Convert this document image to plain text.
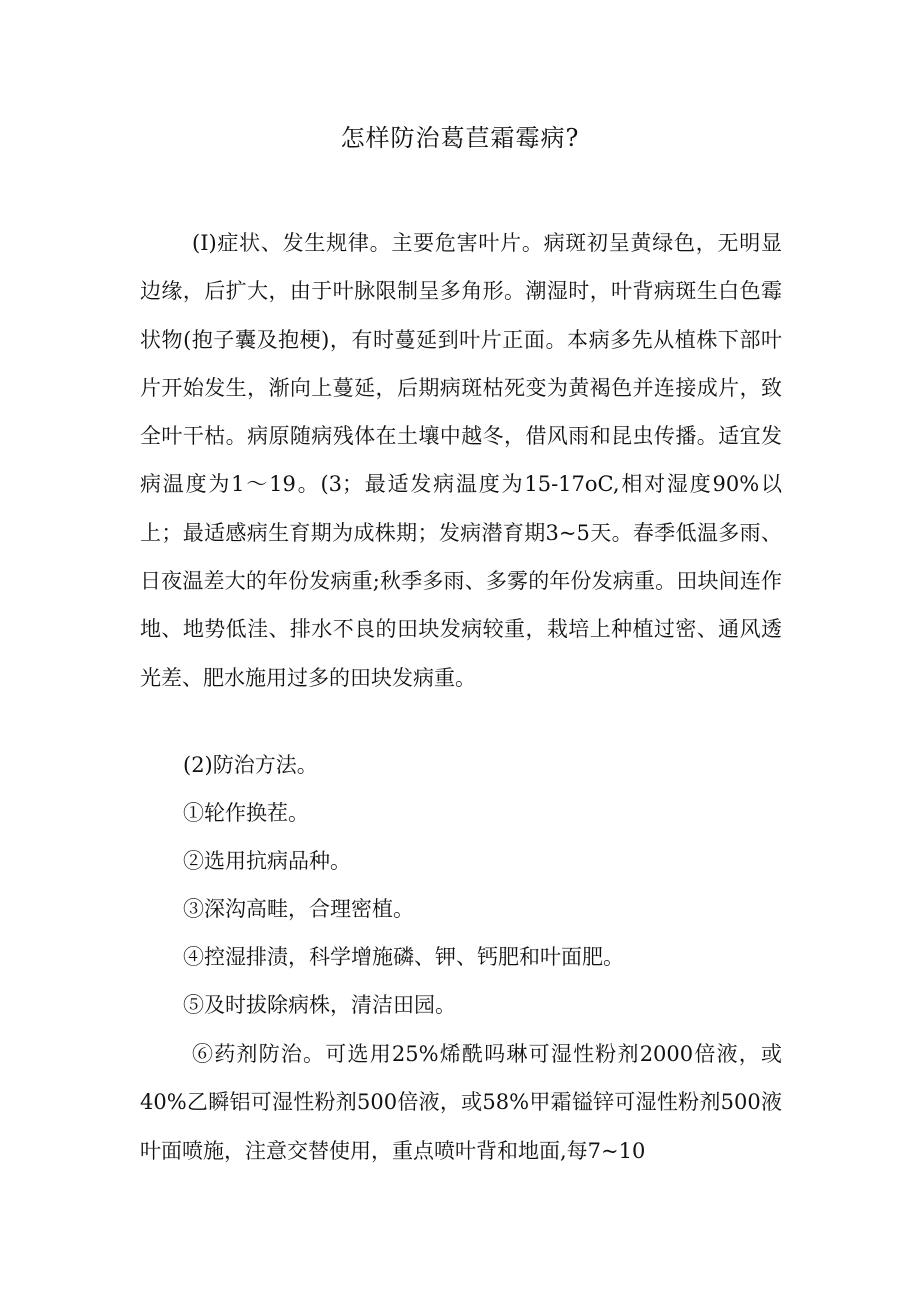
怎样防治葛苣霜霉病?

(I)症状、发生规律。主要危害叶片。病斑初呈黄绿色，无明显边缘，后扩大，由于叶脉限制呈多角形。潮湿时，叶背病斑生白色霉状物(抱子囊及抱梗)，有时蔓延到叶片正面。本病多先从植株下部叶片开始发生，渐向上蔓延，后期病斑枯死变为黄褐色并连接成片，致全叶干枯。病原随病残体在土壤中越冬，借风雨和昆虫传播。适宜发病温度为1〜19。(3；最适发病温度为15-17oC,相对湿度90%以上；最适感病生育期为成株期；发病潜育期3~5天。春季低温多雨、日夜温差大的年份发病重;秋季多雨、多雾的年份发病重。田块间连作地、地势低洼、排水不良的田块发病较重，栽培上种植过密、通风透光差、肥水施用过多的田块发病重。

(2)防治方法。

①轮作换茬。

②选用抗病品种。

③深沟高畦，合理密植。

④控湿排渍，科学增施磷、钾、钙肥和叶面肥。

⑤及时拔除病株，清洁田园。

⑥药剂防治。可选用25%烯酰吗琳可湿性粉剂2000倍液，或40%乙瞬铝可湿性粉剂500倍液，或58%甲霜镒锌可湿性粉剂500液叶面喷施，注意交替使用，重点喷叶背和地面,每7~10
